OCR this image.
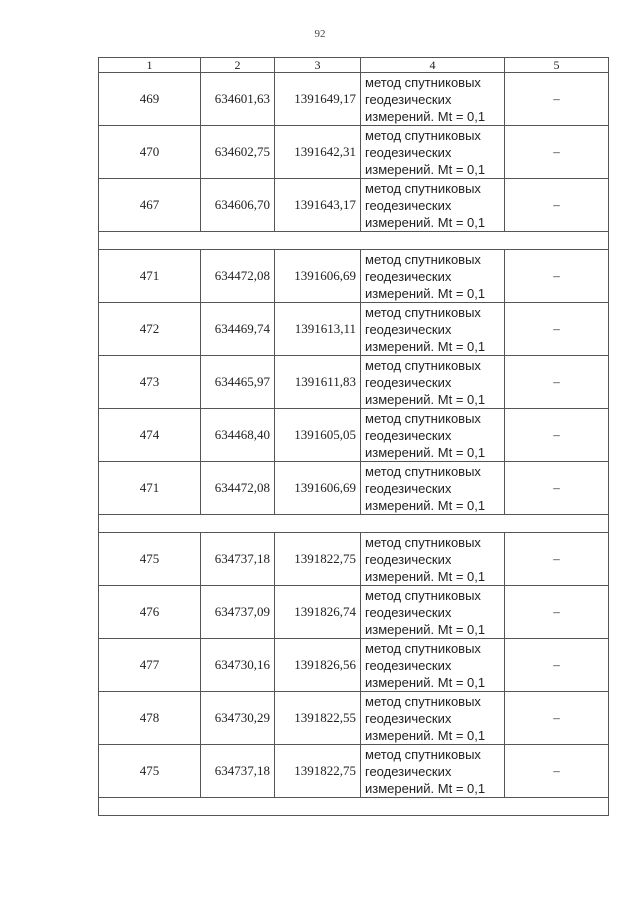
92
1	2	3	4	5
469	634601,63	1391649,17	метод спутниковых
геодезических
измерений. Mt = 0,1	–
470	634602,75	1391642,31	метод спутниковых
геодезических
измерений. Mt = 0,1	–
467	634606,70	1391643,17	метод спутниковых
геодезических
измерений. Mt = 0,1	–

471	634472,08	1391606,69	метод спутниковых
геодезических
измерений. Mt = 0,1	–
472	634469,74	1391613,11	метод спутниковых
геодезических
измерений. Mt = 0,1	–
473	634465,97	1391611,83	метод спутниковых
геодезических
измерений. Mt = 0,1	–
474	634468,40	1391605,05	метод спутниковых
геодезических
измерений. Mt = 0,1	–
471	634472,08	1391606,69	метод спутниковых
геодезических
измерений. Mt = 0,1	–

475	634737,18	1391822,75	метод спутниковых
геодезических
измерений. Mt = 0,1	–
476	634737,09	1391826,74	метод спутниковых
геодезических
измерений. Mt = 0,1	–
477	634730,16	1391826,56	метод спутниковых
геодезических
измерений. Mt = 0,1	–
478	634730,29	1391822,55	метод спутниковых
геодезических
измерений. Mt = 0,1	–
475	634737,18	1391822,75	метод спутниковых
геодезических
измерений. Mt = 0,1	–
